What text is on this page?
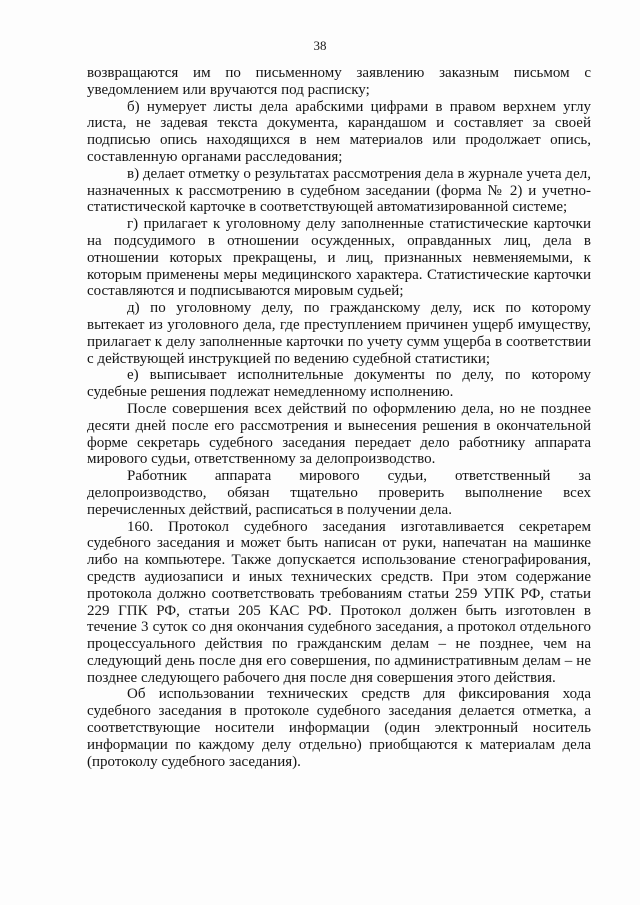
38

возвращаются им по письменному заявлению заказным письмом с уведомлением или вручаются под расписку;

б) нумерует листы дела арабскими цифрами в правом верхнем углу листа, не задевая текста документа, карандашом и составляет за своей подписью опись находящихся в нем материалов или продолжает опись, составленную органами расследования;

в) делает отметку о результатах рассмотрения дела в журнале учета дел, назначенных к рассмотрению в судебном заседании (форма № 2) и учетно-статистической карточке в соответствующей автоматизированной системе;

г) прилагает к уголовному делу заполненные статистические карточки на подсудимого в отношении осужденных, оправданных лиц, дела в отношении которых прекращены, и лиц, признанных невменяемыми, к которым применены меры медицинского характера. Статистические карточки составляются и подписываются мировым судьей;

д) по уголовному делу, по гражданскому делу, иск по которому вытекает из уголовного дела, где преступлением причинен ущерб имуществу, прилагает к делу заполненные карточки по учету сумм ущерба в соответствии с действующей инструкцией по ведению судебной статистики;

е) выписывает исполнительные документы по делу, по которому судебные решения подлежат немедленному исполнению.

После совершения всех действий по оформлению дела, но не позднее десяти дней после его рассмотрения и вынесения решения в окончательной форме секретарь судебного заседания передает дело работнику аппарата мирового судьи, ответственному за делопроизводство.

Работник аппарата мирового судьи, ответственный за делопроизводство, обязан тщательно проверить выполнение всех перечисленных действий, расписаться в получении дела.

160. Протокол судебного заседания изготавливается секретарем судебного заседания и может быть написан от руки, напечатан на машинке либо на компьютере. Также допускается использование стенографирования, средств аудиозаписи и иных технических средств. При этом содержание протокола должно соответствовать требованиям статьи 259 УПК РФ, статьи 229 ГПК РФ, статьи 205 КАС РФ. Протокол должен быть изготовлен в течение 3 суток со дня окончания судебного заседания, а протокол отдельного процессуального действия по гражданским делам – не позднее, чем на следующий день после дня его совершения, по административным делам – не позднее следующего рабочего дня после дня совершения этого действия.

Об использовании технических средств для фиксирования хода судебного заседания в протоколе судебного заседания делается отметка, а соответствующие носители информации (один электронный носитель информации по каждому делу отдельно) приобщаются к материалам дела (протоколу судебного заседания).
